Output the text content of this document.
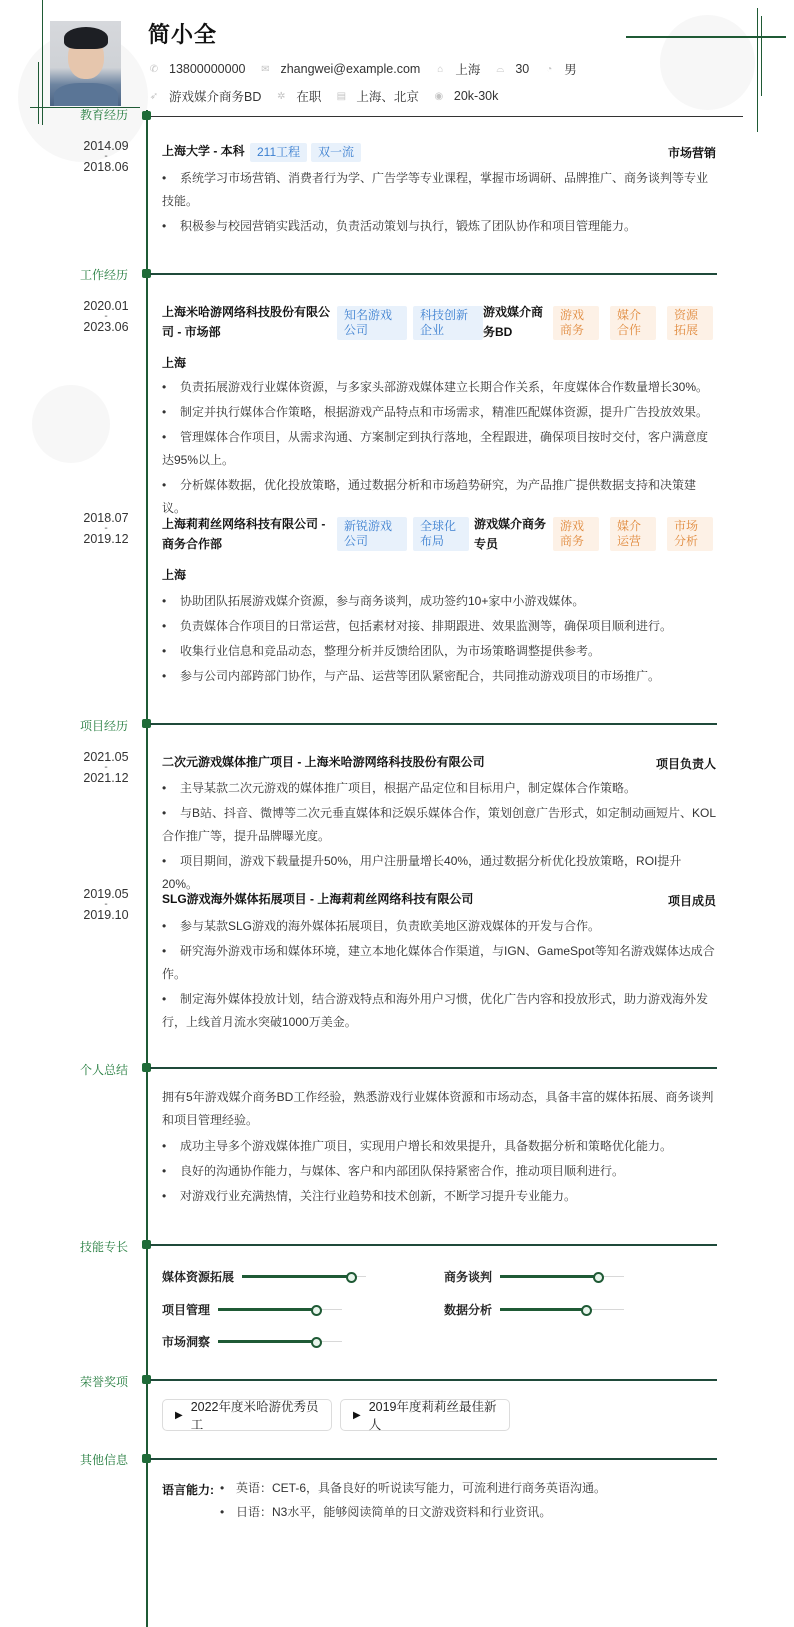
简小全
✆ 13800000000 ✉ zhangwei@example.com ⌂ 上海 ⌓ 30 ◔ 男
➶ 游戏媒介商务BD ✲ 在职 ▤ 上海、北京 ◉ 20k-30k
教育经历
2014.09
-
2018.06
上海大学 - 本科	211工程	双一流	市场营销
• 系统学习市场营销、消费者行为学、广告学等专业课程，掌握市场调研、品牌推广、商务谈判等专业技能。
• 积极参与校园营销实践活动，负责活动策划与执行，锻炼了团队协作和项目管理能力。
工作经历
2020.01
-
2023.06
上海米哈游网络科技股份有限公司 - 市场部
知名游戏公司
科技创新企业
游戏媒介商务BD
游戏商务
媒介合作
资源拓展
上海
• 负责拓展游戏行业媒体资源，与多家头部游戏媒体建立长期合作关系，年度媒体合作数量增长30%。
• 制定并执行媒体合作策略，根据游戏产品特点和市场需求，精准匹配媒体资源，提升广告投放效果。
• 管理媒体合作项目，从需求沟通、方案制定到执行落地，全程跟进，确保项目按时交付，客户满意度达95%以上。
• 分析媒体数据，优化投放策略，通过数据分析和市场趋势研究，为产品推广提供数据支持和决策建议。
2018.07
-
2019.12
上海莉莉丝网络科技有限公司 - 商务合作部
新锐游戏公司
全球化布局
游戏媒介商务专员
游戏商务
媒介运营
市场分析
上海
• 协助团队拓展游戏媒介资源，参与商务谈判，成功签约10+家中小游戏媒体。
• 负责媒体合作项目的日常运营，包括素材对接、排期跟进、效果监测等，确保项目顺利进行。
• 收集行业信息和竞品动态，整理分析并反馈给团队，为市场策略调整提供参考。
• 参与公司内部跨部门协作，与产品、运营等团队紧密配合，共同推动游戏项目的市场推广。
项目经历
2021.05
-
2021.12
二次元游戏媒体推广项目 - 上海米哈游网络科技股份有限公司	项目负责人
• 主导某款二次元游戏的媒体推广项目，根据产品定位和目标用户，制定媒体合作策略。
• 与B站、抖音、微博等二次元垂直媒体和泛娱乐媒体合作，策划创意广告形式，如定制动画短片、KOL合作推广等，提升品牌曝光度。
• 项目期间，游戏下载量提升50%，用户注册量增长40%，通过数据分析优化投放策略，ROI提升20%。
2019.05
-
2019.10
SLG游戏海外媒体拓展项目 - 上海莉莉丝网络科技有限公司	项目成员
• 参与某款SLG游戏的海外媒体拓展项目，负责欧美地区游戏媒体的开发与合作。
• 研究海外游戏市场和媒体环境，建立本地化媒体合作渠道，与IGN、GameSpot等知名游戏媒体达成合作。
• 制定海外媒体投放计划，结合游戏特点和海外用户习惯，优化广告内容和投放形式，助力游戏海外发行，上线首月流水突破1000万美金。
个人总结
拥有5年游戏媒介商务BD工作经验，熟悉游戏行业媒体资源和市场动态，具备丰富的媒体拓展、商务谈判和项目管理经验。
• 成功主导多个游戏媒体推广项目，实现用户增长和效果提升，具备数据分析和策略优化能力。
• 良好的沟通协作能力，与媒体、客户和内部团队保持紧密合作，推动项目顺利进行。
• 对游戏行业充满热情，关注行业趋势和技术创新，不断学习提升专业能力。
技能专长
媒体资源拓展	商务谈判
项目管理	数据分析
市场洞察
荣誉奖项
▶
2022年度米哈游优秀员工
▶
2019年度莉莉丝最佳新人
其他信息
语言能力:	• 英语：CET-6，具备良好的听说读写能力，可流利进行商务英语沟通。
• 日语：N3水平，能够阅读简单的日文游戏资料和行业资讯。
